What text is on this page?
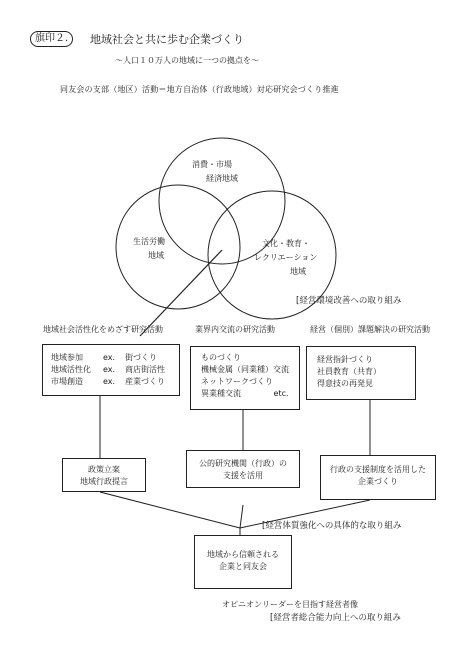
旗印２.	地域社会と共に歩む企業づくり
～人口１０万人の地域に一つの拠点を～
同友会の支部（地区）活動＝地方自治体（行政地域）対応研究会づくり推進
消費・市場
経済地域
生活労働
地域
文化・教育・
レクリエーション
地域
[経営環境改善への取り組み
[経営体質強化への具体的な取り組み
[経営者総合能力向上への取り組み
地域社会活性化をめざす研究活動	業界内交流の研究活動	経営（個別）課題解決の研究活動
地域参加	ex.	街づくり
地域活性化	ex.	商店街活性
市場創造	ex.	産業づくり
ものづくり
機械金属（同業種）交流
ネットワークづくり
異業種交流	etc.
経営指針づくり
社員教育（共育）
得意技の再発見
政策立案
地域行政提言
公的研究機関（行政）の
支援を活用
行政の支援制度を活用した
企業づくり
地域から信頼される
企業と同友会
オピニオンリーダーを目指す経営者像
